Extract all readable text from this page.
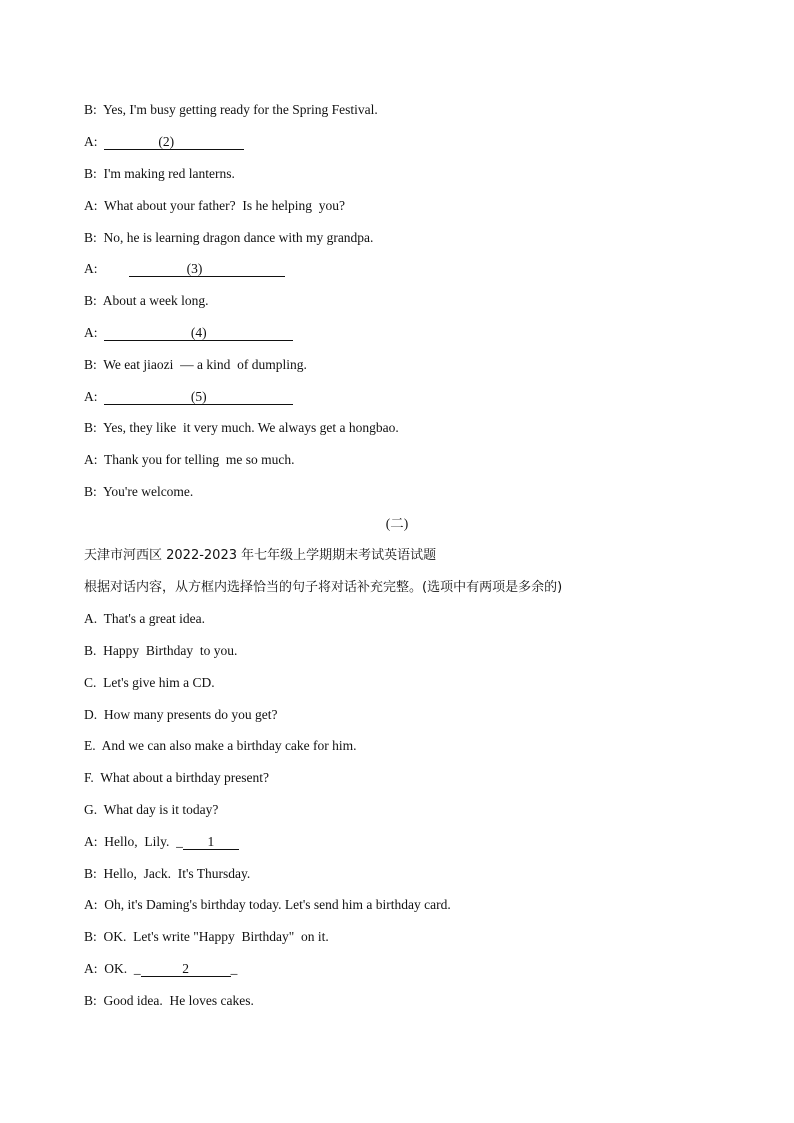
B:  Yes, I'm busy getting ready for the Spring Festival.
A:	(2)
B:  I'm making red lanterns.
A:  What about your father?  Is he helping  you?
B:  No, he is learning dragon dance with my grandpa.
A:	(3)
B:  About a week long.
A:	(4)
B:  We eat jiaozi  — a kind  of dumpling.
A:	(5)
B:  Yes, they like  it very much. We always get a hongbao.
A:  Thank you for telling  me so much.
B:  You're welcome.
(二)
天津市河西区 2022-2023 年七年级上学期期末考试英语试题
根据对话内容，从方框内选择恰当的句子将对话补充完整。(选项中有两项是多余的)
A.  That's a great idea.
B.  Happy  Birthday  to you.
C.  Let's give him a CD.
D.  How many presents do you get?
E.  And we can also make a birthday cake for him.
F.  What about a birthday present?
G.  What day is it today?
A:  Hello,  Lily.  _ 1
B:  Hello,  Jack.  It's Thursday.
A:  Oh, it's Daming's birthday today. Let's send him a birthday card.
B:  OK.  Let's write "Happy  Birthday"  on it.
A:  OK.  _	2	_
B:  Good idea.  He loves cakes.
